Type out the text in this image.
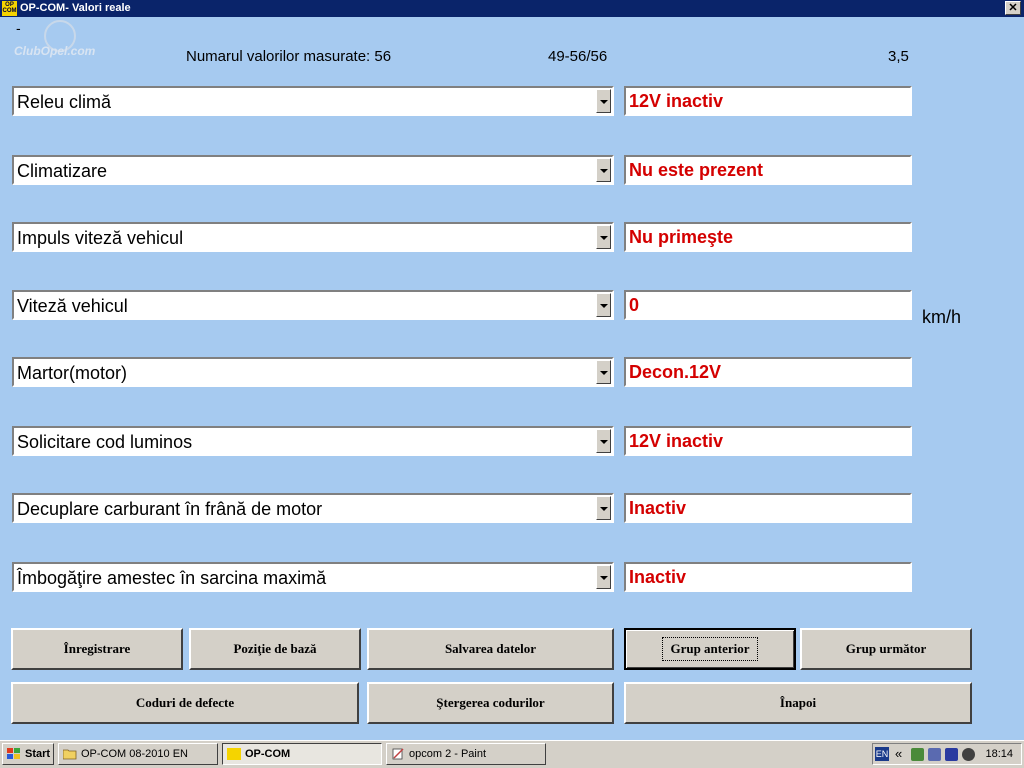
OP
COM OP-COM- Valori reale	✕
-
ClubOpel.com	Numarul valorilor masurate: 56	49-56/56	3,5
Releu climă	12V inactiv
Climatizare	Nu este prezent
Impuls viteză vehicul	Nu primeşte
Viteză vehicul	0
km/h
Martor(motor)	Decon.12V
Solicitare cod luminos	12V inactiv
Decuplare carburant în frână de motor	Inactiv
Îmbogăţire amestec în sarcina maximă	Inactiv
Înregistrare	Poziţie de bază	Salvarea datelor	Grup anterior	Grup următor
Coduri de defecte	Ştergerea codurilor	Înapoi
Start	OP-COM 08-2010 EN	OP-COM	opcom 2 - Paint	EN «	18:14
